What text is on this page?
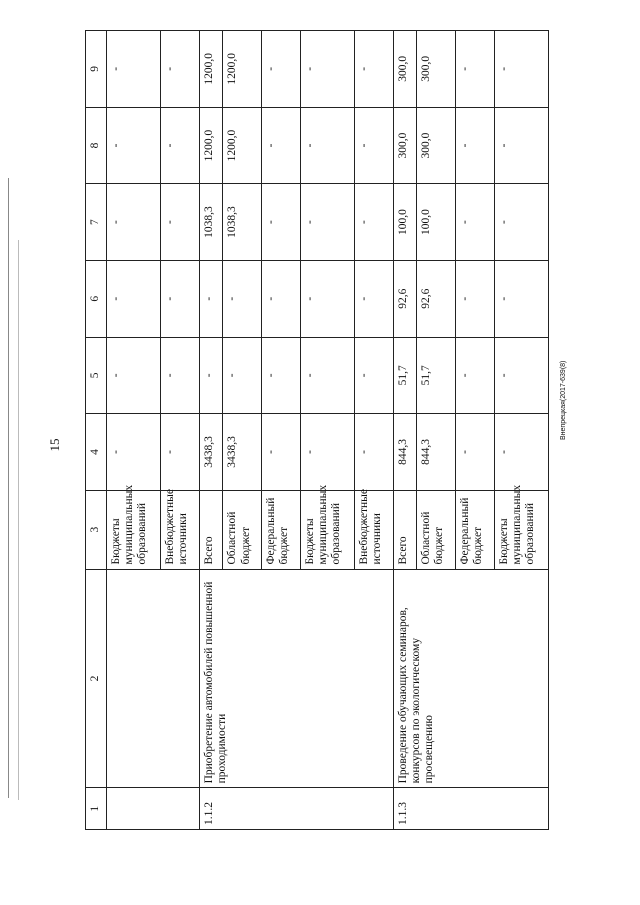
15
Внепрецкая(2017-639(8)
1	2	3	4	5	6	7	8	9
		Бюджеты муниципальных образований	-	-	-	-	-	-
		Внебюджетные источники	-	-	-	-	-	-
1.1.2	Приобретение автомобилей повышенной проходимости	Всего	3438,3	-	-	1038,3	1200,0	1200,0
		Областной бюджет	3438,3	-	-	1038,3	1200,0	1200,0
		Федеральный бюджет	-	-	-	-	-	-
		Бюджеты муниципальных образований	-	-	-	-	-	-
		Внебюджетные источники	-	-	-	-	-	-
1.1.3	Проведение обучающих семинаров, конкурсов по экологическому просвещению	Всего	844,3	51,7	92,6	100,0	300,0	300,0
		Областной бюджет	844,3	51,7	92,6	100,0	300,0	300,0
		Федеральный бюджет	-	-	-	-	-	-
		Бюджеты муниципальных образований	-	-	-	-	-	-
